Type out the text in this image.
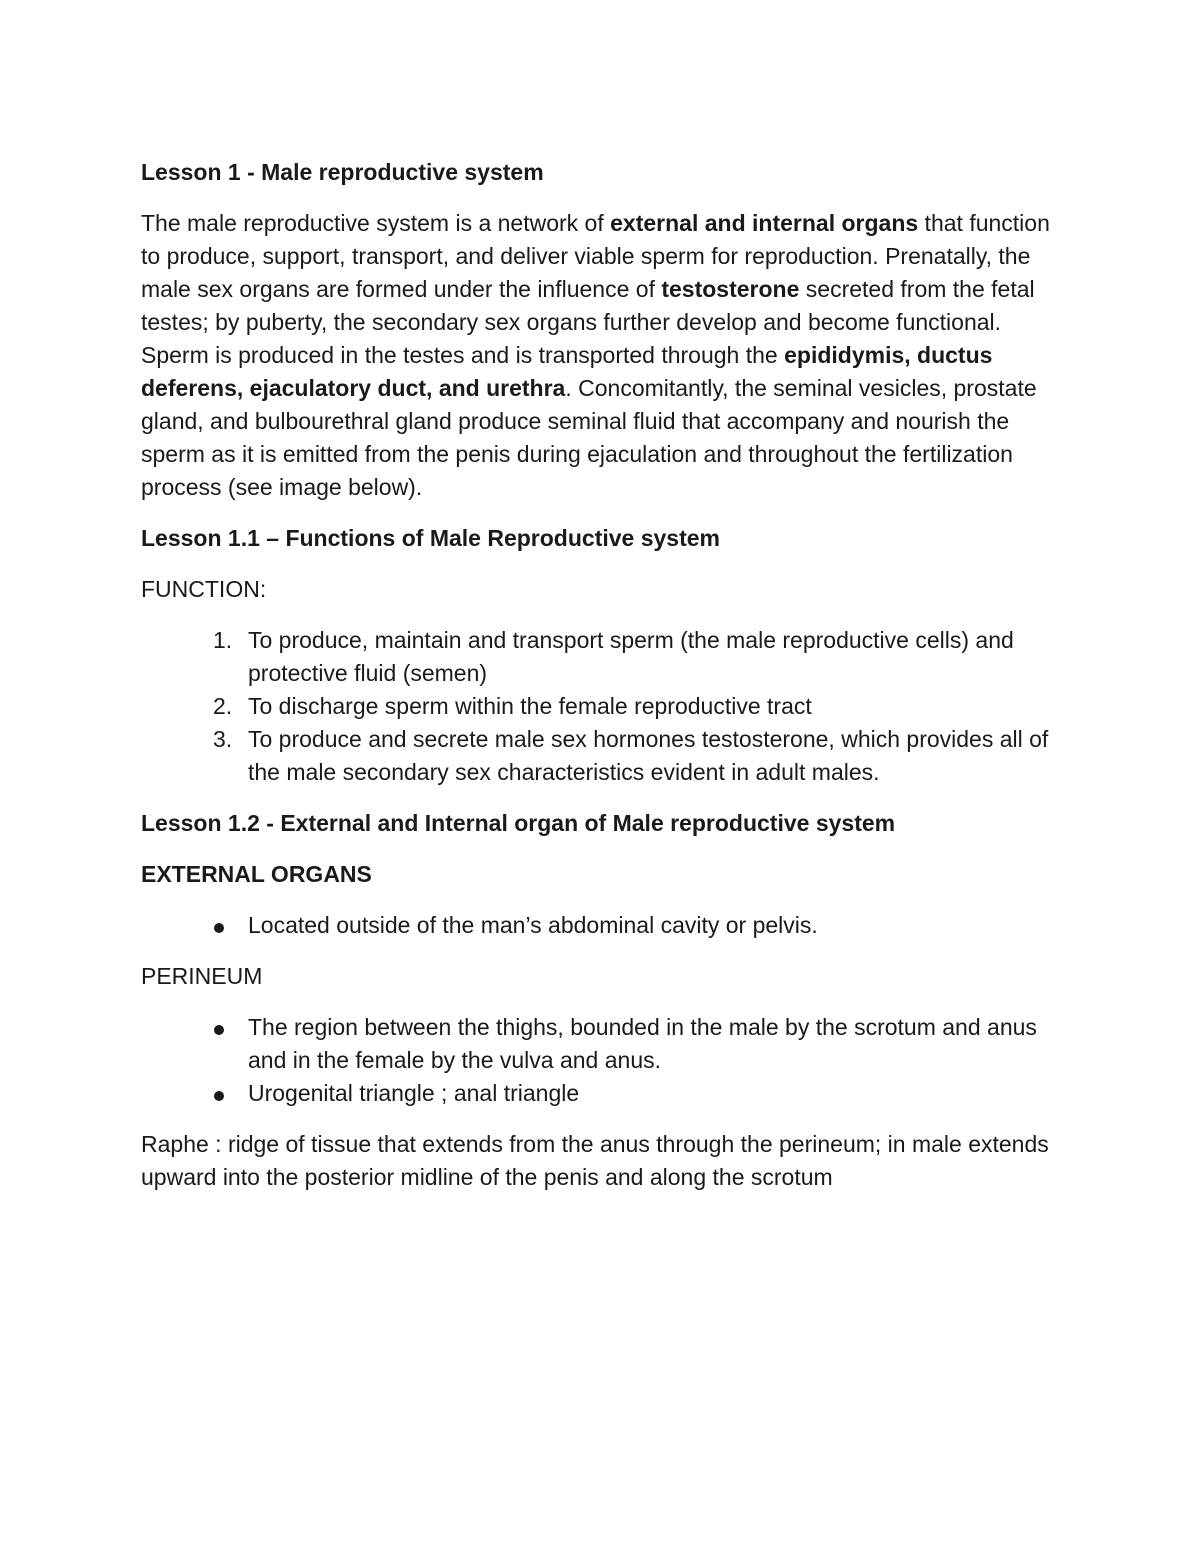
Lesson 1 - Male reproductive system

The male reproductive system is a network of external and internal organs that function to produce, support, transport, and deliver viable sperm for reproduction. Prenatally, the male sex organs are formed under the influence of testosterone secreted from the fetal testes; by puberty, the secondary sex organs further develop and become functional. Sperm is produced in the testes and is transported through the epididymis, ductus deferens, ejaculatory duct, and urethra. Concomitantly, the seminal vesicles, prostate gland, and bulbourethral gland produce seminal fluid that accompany and nourish the sperm as it is emitted from the penis during ejaculation and throughout the fertilization process (see image below).

Lesson 1.1 – Functions of Male Reproductive system

FUNCTION:

1. To produce, maintain and transport sperm (the male reproductive cells) and protective fluid (semen)
2. To discharge sperm within the female reproductive tract
3. To produce and secrete male sex hormones testosterone, which provides all of the male secondary sex characteristics evident in adult males.

Lesson 1.2 - External and Internal organ of Male reproductive system

EXTERNAL ORGANS

Located outside of the man’s abdominal cavity or pelvis.

PERINEUM

The region between the thighs, bounded in the male by the scrotum and anus and in the female by the vulva and anus.
Urogenital triangle ; anal triangle

Raphe : ridge of tissue that extends from the anus through the perineum; in male extends upward into the posterior midline of the penis and along the scrotum
